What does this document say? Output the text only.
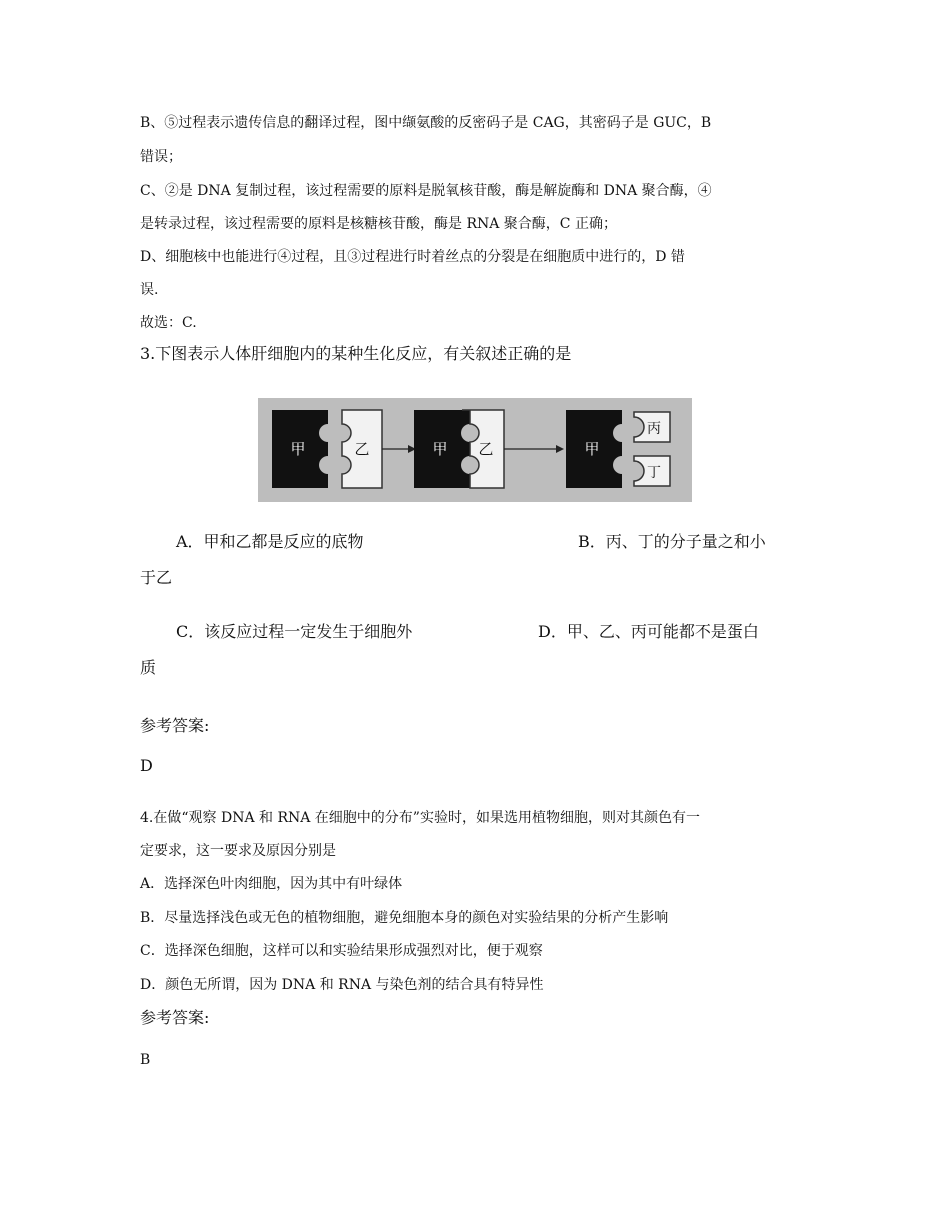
B、⑤过程表示遗传信息的翻译过程，图中缬氨酸的反密码子是 CAG，其密码子是 GUC，B
错误；
C、②是 DNA 复制过程，该过程需要的原料是脱氧核苷酸，酶是解旋酶和 DNA 聚合酶，④
是转录过程，该过程需要的原料是核糖核苷酸，酶是 RNA 聚合酶，C 正确；
D、细胞核中也能进行④过程，且③过程进行时着丝点的分裂是在细胞质中进行的，D 错
误.
故选：C.
3.下图表示人体肝细胞内的某种生化反应，有关叙述正确的是
甲	乙	甲 乙	甲
丙
丁
A．甲和乙都是反应的底物	B．丙、丁的分子量之和小
于乙
C．该反应过程一定发生于细胞外	D．甲、乙、丙可能都不是蛋白
质
参考答案:
D
4.在做“观察 DNA 和 RNA 在细胞中的分布”实验时，如果选用植物细胞，则对其颜色有一
定要求，这一要求及原因分别是
A．选择深色叶肉细胞，因为其中有叶绿体
B．尽量选择浅色或无色的植物细胞，避免细胞本身的颜色对实验结果的分析产生影响
C．选择深色细胞，这样可以和实验结果形成强烈对比，便于观察
D．颜色无所谓，因为 DNA 和 RNA 与染色剂的结合具有特异性
参考答案:
B
